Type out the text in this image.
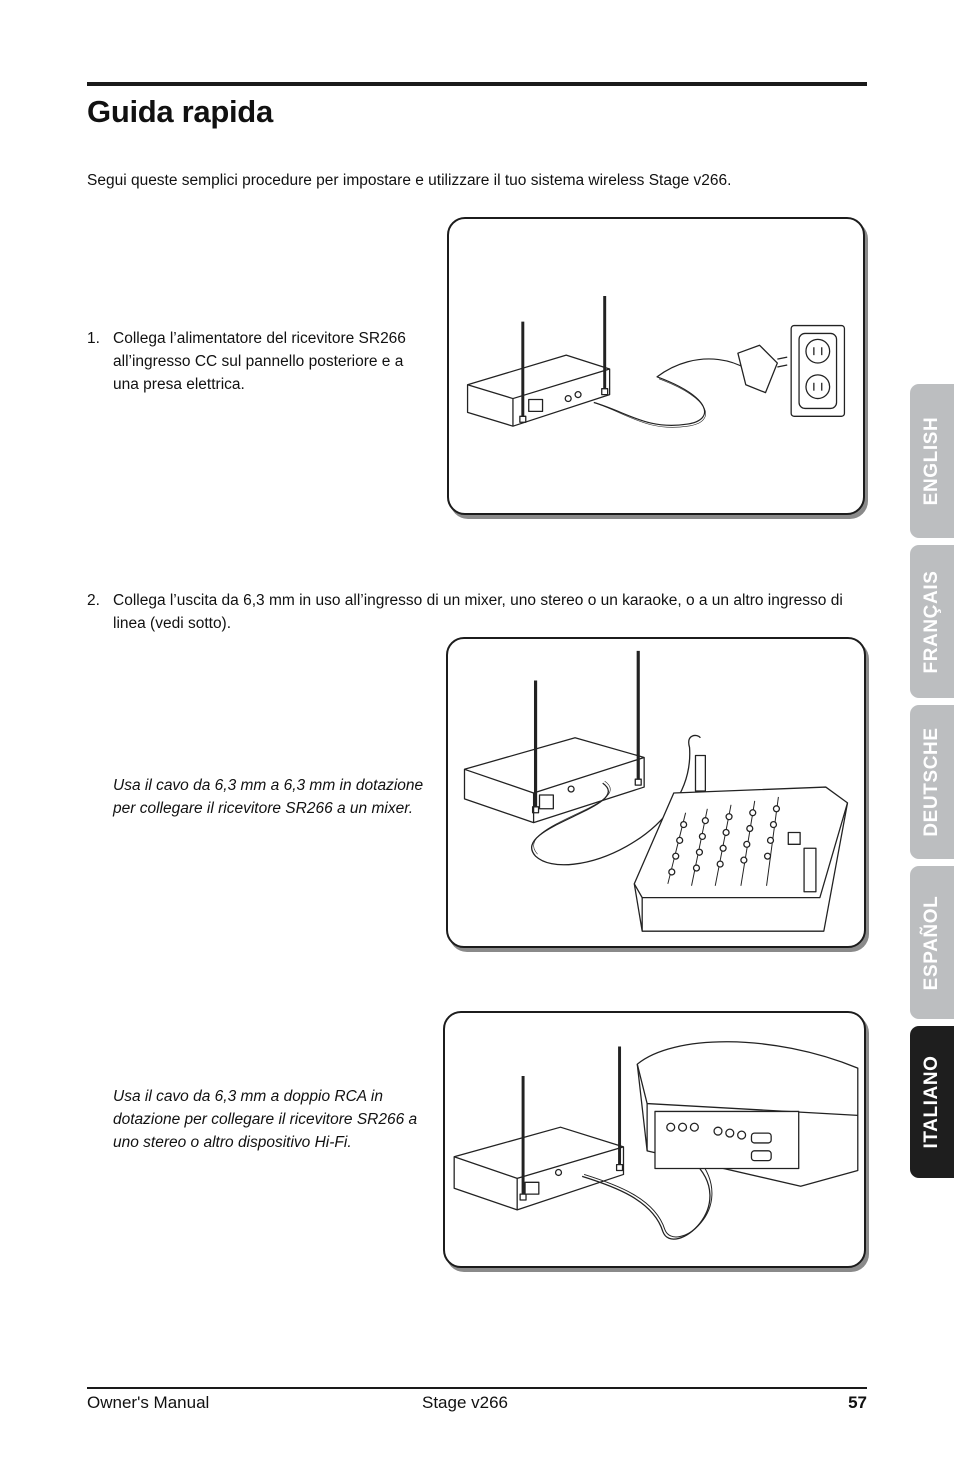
Guida rapida

Segui queste semplici procedure per impostare e utilizzare il tuo sistema wireless Stage v266.

1. Collega l’alimentatore del ricevitore SR266 all’ingresso CC sul pannello posteriore e a una presa elettrica.
2. Collega l’uscita da 6,3 mm in uso all’ingresso di un mixer, uno stereo o un karaoke, o a un altro ingresso di linea (vedi sotto).
Usa il cavo da 6,3 mm a 6,3 mm in dotazione per collegare il ricevitore SR266 a un mixer.
Usa il cavo da 6,3 mm a doppio RCA in dotazione per collegare il ricevitore SR266 a uno stereo o altro dispositivo Hi-Fi.
ENGLISH
FRANÇAIS
DEUTSCHE
ESPAÑOL
ITALIANO
Owner's Manual	Stage v266	57
